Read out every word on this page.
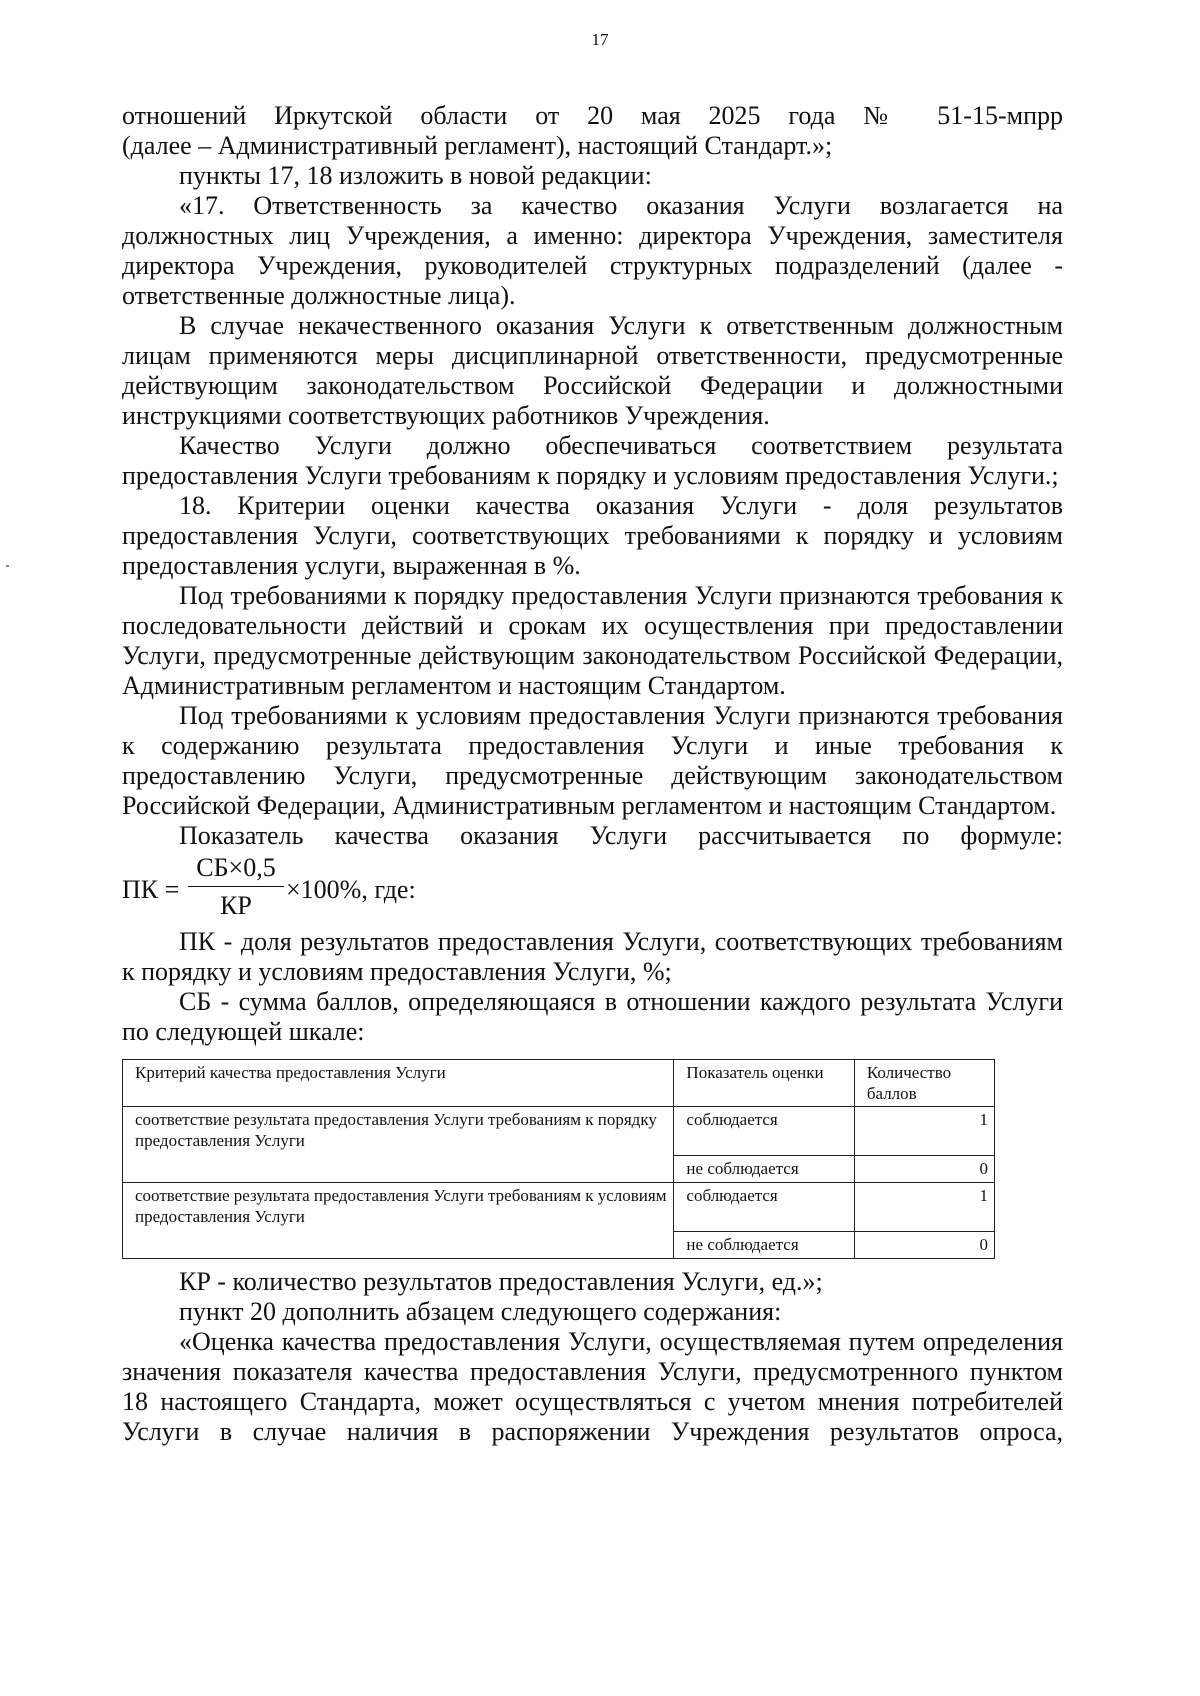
17

отношений Иркутской области от 20 мая 2025 года № 51-15-мпрр

(далее – Административный регламент), настоящий Стандарт.»;

пункты 17, 18 изложить в новой редакции:

«17. Ответственность за качество оказания Услуги возлагается на должностных лиц Учреждения, а именно: директора Учреждения, заместителя директора Учреждения, руководителей структурных подразделений (далее - ответственные должностные лица).

В случае некачественного оказания Услуги к ответственным должностным лицам применяются меры дисциплинарной ответственности, предусмотренные действующим законодательством Российской Федерации и должностными инструкциями соответствующих работников Учреждения.

Качество Услуги должно обеспечиваться соответствием результата предоставления Услуги требованиям к порядку и условиям предоставления Услуги.;

18. Критерии оценки качества оказания Услуги - доля результатов предоставления Услуги, соответствующих требованиями к порядку и условиям предоставления услуги, выраженная в %.

Под требованиями к порядку предоставления Услуги признаются требования к последовательности действий и срокам их осуществления при предоставлении Услуги, предусмотренные действующим законодательством Российской Федерации, Административным регламентом и настоящим Стандартом.

Под требованиями к условиям предоставления Услуги признаются требования к содержанию результата предоставления Услуги и иные требования к предоставлению Услуги, предусмотренные действующим законодательством Российской Федерации, Административным регламентом и настоящим Стандартом.

Показатель качества оказания Услуги рассчитывается по формуле:

ПК =
СБ×0,5
КР
×100%, где:

ПК - доля результатов предоставления Услуги, соответствующих требованиям к порядку и условиям предоставления Услуги, %;

СБ - сумма баллов, определяющаяся в отношении каждого результата Услуги по следующей шкале:

Критерий качества предоставления Услуги	Показатель оценки	Количество баллов
соответствие результата предоставления Услуги требованиям к порядку предоставления Услуги	соблюдается	1
	не соблюдается	0
соответствие результата предоставления Услуги требованиям к условиям предоставления Услуги	соблюдается	1
	не соблюдается	0

КР - количество результатов предоставления Услуги, ед.»;

пункт 20 дополнить абзацем следующего содержания:

«Оценка качества предоставления Услуги, осуществляемая путем определения значения показателя качества предоставления Услуги, предусмотренного пунктом 18 настоящего Стандарта, может осуществляться с учетом мнения потребителей Услуги в случае наличия в распоряжении Учреждения результатов опроса,
